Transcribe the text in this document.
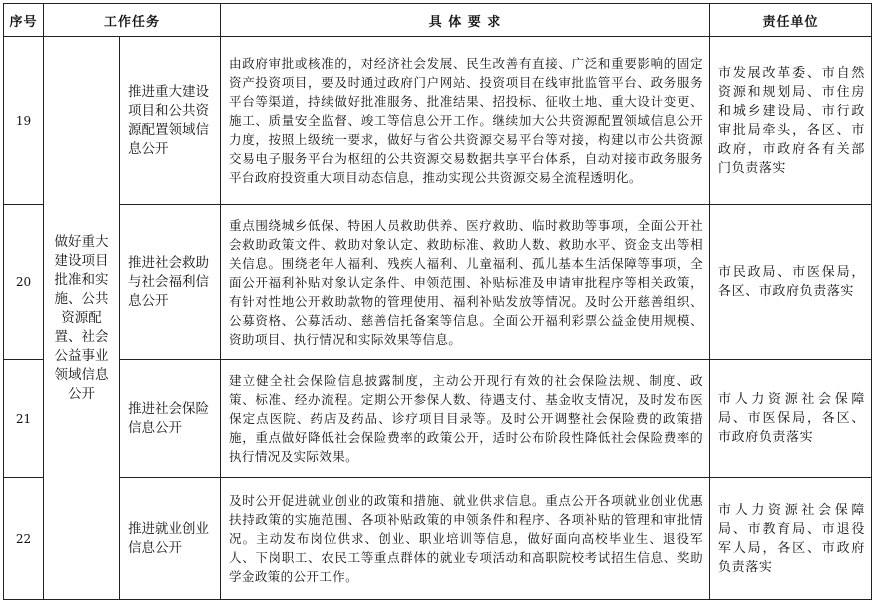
序号	工作任务		具 体 要 求	责任单位
19	做好重大建设项目批准和实施、公共资源配置、社会公益事业领域信息公开	推进重大建设项目和公共资源配置领域信息公开	由政府审批或核准的，对经济社会发展、民生改善有直接、广泛和重要影响的固定资产投资项目，要及时通过政府门户网站、投资项目在线审批监管平台、政务服务平台等渠道，持续做好批准服务、批准结果、招投标、征收土地、重大设计变更、施工、质量安全监督、竣工等信息公开工作。继续加大公共资源配置领域信息公开力度，按照上级统一要求，做好与省公共资源交易平台等对接，构建以市公共资源交易电子服务平台为枢纽的公共资源交易数据共享平台体系，自动对接市政务服务平台政府投资重大项目动态信息，推动实现公共资源交易全流程透明化。	市发展改革委、市自然资源和规划局、市住房和城乡建设局、市行政审批局牵头，各区、市政府，市政府各有关部门负责落实
20		推进社会救助与社会福利信息公开	重点围绕城乡低保、特困人员救助供养、医疗救助、临时救助等事项，全面公开社会救助政策文件、救助对象认定、救助标准、救助人数、救助水平、资金支出等相关信息。围绕老年人福利、残疾人福利、儿童福利、孤儿基本生活保障等事项，全面公开福利补贴对象认定条件、申领范围、补贴标准及申请审批程序等相关政策，有针对性地公开救助款物的管理使用、福利补贴发放等情况。及时公开慈善组织、公募资格、公募活动、慈善信托备案等信息。全面公开福利彩票公益金使用规模、资助项目、执行情况和实际效果等信息。	市民政局、市医保局，各区、市政府负责落实
21		推进社会保险信息公开	建立健全社会保险信息披露制度，主动公开现行有效的社会保险法规、制度、政策、标准、经办流程。定期公开参保人数、待遇支付、基金收支情况，及时发布医保定点医院、药店及药品、诊疗项目目录等。及时公开调整社会保险费的政策措施，重点做好降低社会保险费率的政策公开，适时公布阶段性降低社会保险费率的执行情况及实际效果。	市人力资源社会保障局、市医保局，各区、市政府负责落实
22		推进就业创业信息公开	及时公开促进就业创业的政策和措施、就业供求信息。重点公开各项就业创业优惠扶持政策的实施范围、各项补贴政策的申领条件和程序、各项补贴的管理和审批情况。主动发布岗位供求、创业、职业培训等信息，做好面向高校毕业生、退役军人、下岗职工、农民工等重点群体的就业专项活动和高职院校考试招生信息、奖助学金政策的公开工作。	市人力资源社会保障局、市教育局、市退役军人局，各区、市政府负责落实
